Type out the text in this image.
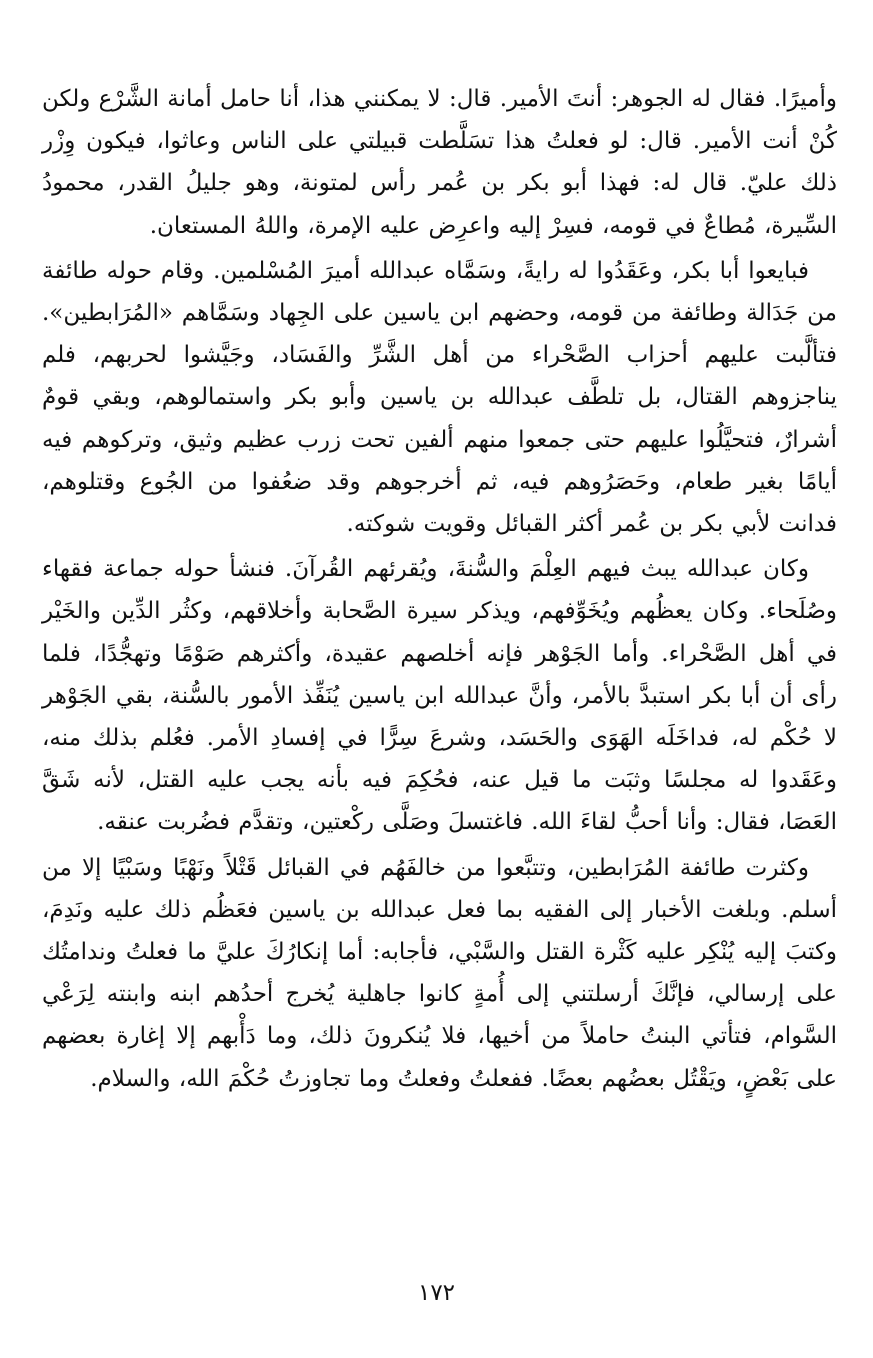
وأميرًا. فقال له الجوهر: أنتَ الأمير. قال: لا يمكنني هذا، أنا حامل أمانة الشَّرْع ولكن كُنْ أنت الأمير. قال: لو فعلتُ هذا تسَلَّطت قبيلتي على الناس وعاثوا، فيكون وِزْر ذلك عليّ. قال له: فهذا أبو بكر بن عُمر رأس لمتونة، وهو جليلُ القدر، محمودُ السِّيرة، مُطاعٌ في قومه، فسِرْ إليه واعرِض عليه الإمرة، واللهُ المستعان.

فبايعوا أبا بكر، وعَقَدُوا له رايةً، وسَمَّاه عبدالله أميرَ المُسْلمين. وقام حوله طائفة من جَدَالة وطائفة من قومه، وحضهم ابن ياسين على الجِهاد وسَمَّاهم «المُرَابطين». فتألَّبت عليهم أحزاب الصَّحْراء من أهل الشَّرِّ والفَسَاد، وجَيَّشوا لحربهم، فلم يناجزوهم القتال، بل تلطَّف عبدالله بن ياسين وأبو بكر واستمالوهم، وبقي قومٌ أشرارٌ، فتحيَّلُوا عليهم حتى جمعوا منهم ألفين تحت زرب عظيم وثيق، وتركوهم فيه أيامًا بغير طعام، وحَصَرُوهم فيه، ثم أخرجوهم وقد ضعُفوا من الجُوع وقتلوهم، فدانت لأبي بكر بن عُمر أكثر القبائل وقويت شوكته.

وكان عبدالله يبث فيهم العِلْمَ والسُّنةَ، ويُقرئهم القُرآنَ. فنشأ حوله جماعة فقهاء وصُلَحاء. وكان يعظُهم ويُخَوِّفهم، ويذكر سيرة الصَّحابة وأخلاقهم، وكثُر الدِّين والخَيْر في أهل الصَّحْراء. وأما الجَوْهر فإنه أخلصهم عقيدة، وأكثرهم صَوْمًا وتهجُّدًا، فلما رأى أن أبا بكر استبدَّ بالأمر، وأنَّ عبدالله ابن ياسين يُنَفِّذ الأمور بالسُّنة، بقي الجَوْهر لا حُكْم له، فداخَلَه الهَوَى والحَسَد، وشرعَ سِرًّا في إفسادِ الأمر. فعُلم بذلك منه، وعَقَدوا له مجلسًا وثبَت ما قيل عنه، فحُكِمَ فيه بأنه يجب عليه القتل، لأنه شَقَّ العَصَا، فقال: وأنا أحبُّ لقاءَ الله. فاغتسلَ وصَلَّى ركْعتين، وتقدَّم فضُربت عنقه.

وكثرت طائفة المُرَابطين، وتتبَّعوا من خالفَهُم في القبائل قَتْلاً ونَهْبًا وسَبْيًا إلا من أسلم. وبلغت الأخبار إلى الفقيه بما فعل عبدالله بن ياسين فعَظُم ذلك عليه ونَدِمَ، وكتبَ إليه يُنْكِر عليه كَثْرة القتل والسَّبْي، فأجابه: أما إنكارُكَ عليَّ ما فعلتُ وندامتُك على إرسالي، فإنَّكَ أرسلتني إلى أُمةٍ كانوا جاهلية يُخرج أحدُهم ابنه وابنته لِرَعْي السَّوام، فتأتي البنتُ حاملاً من أخيها، فلا يُنكرونَ ذلك، وما دَأْبهم إلا إغارة بعضهم على بَعْضٍ، ويَقْتُل بعضُهم بعضًا. ففعلتُ وفعلتُ وما تجاوزتُ حُكْمَ الله، والسلام.

١٧٢
